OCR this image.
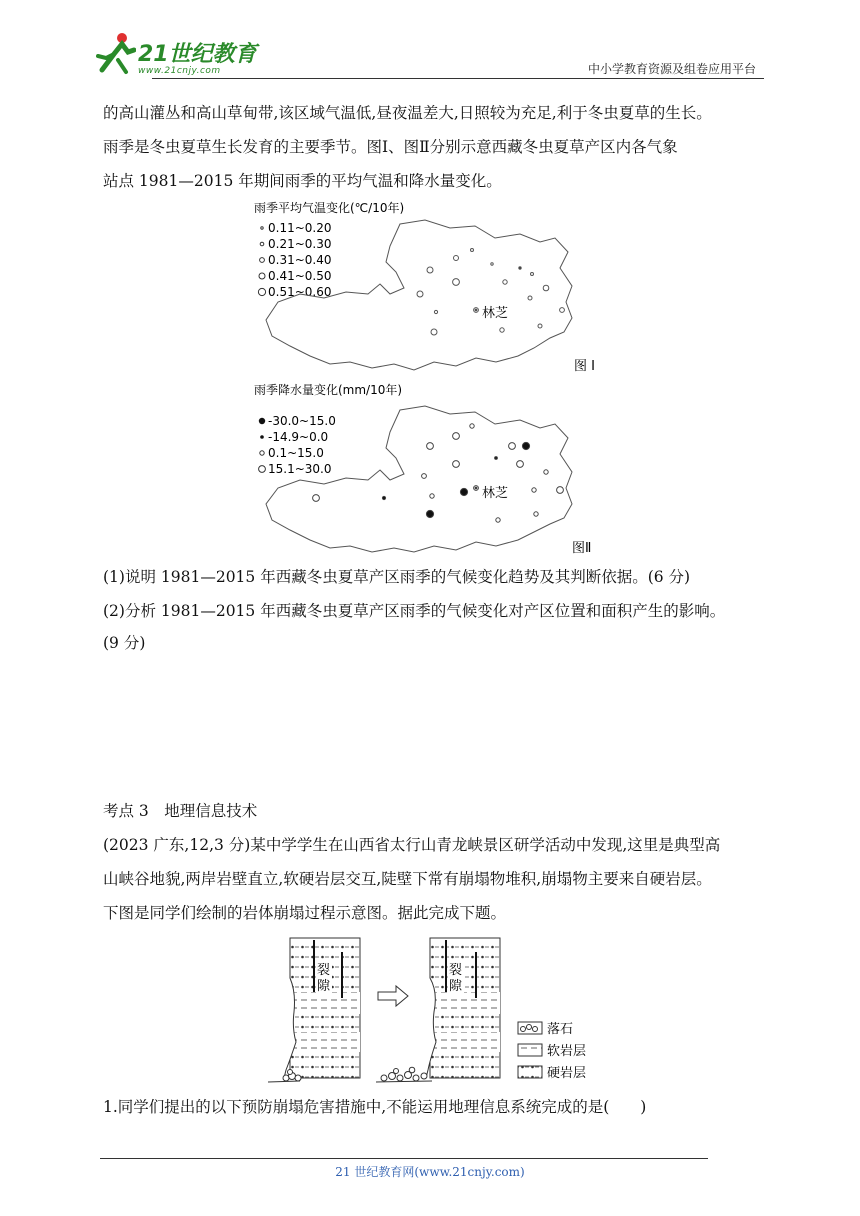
21世纪教育
www.21cnjy.com	中小学教育资源及组卷应用平台
的高山灌丛和高山草甸带,该区域气温低,昼夜温差大,日照较为充足,利于冬虫夏草的生长。
雨季是冬虫夏草生长发育的主要季节。图Ⅰ、图Ⅱ分别示意西藏冬虫夏草产区内各气象
站点 1981—2015 年期间雨季的平均气温和降水量变化。
雨季平均气温变化(℃/10年)
0.11~0.20
0.21~0.30
0.31~0.40
0.41~0.50
0.51~0.60
林芝
图 I
雨季降水量变化(mm/10年)
-30.0~15.0
-14.9~0.0
0.1~15.0
15.1~30.0
林芝
图Ⅱ
(1)说明 1981—2015 年西藏冬虫夏草产区雨季的气候变化趋势及其判断依据。(6 分)
(2)分析 1981—2015 年西藏冬虫夏草产区雨季的气候变化对产区位置和面积产生的影响。
(9 分)
考点 3　地理信息技术
(2023 广东,12,3 分)某中学学生在山西省太行山青龙峡景区研学活动中发现,这里是典型高
山峡谷地貌,两岸岩壁直立,软硬岩层交互,陡壁下常有崩塌物堆积,崩塌物主要来自硬岩层。
下图是同学们绘制的岩体崩塌过程示意图。据此完成下题。
裂
隙
裂
隙
落石
软岩层
硬岩层
1.同学们提出的以下预防崩塌危害措施中,不能运用地理信息系统完成的是(　　)
21 世纪教育网(www.21cnjy.com)
